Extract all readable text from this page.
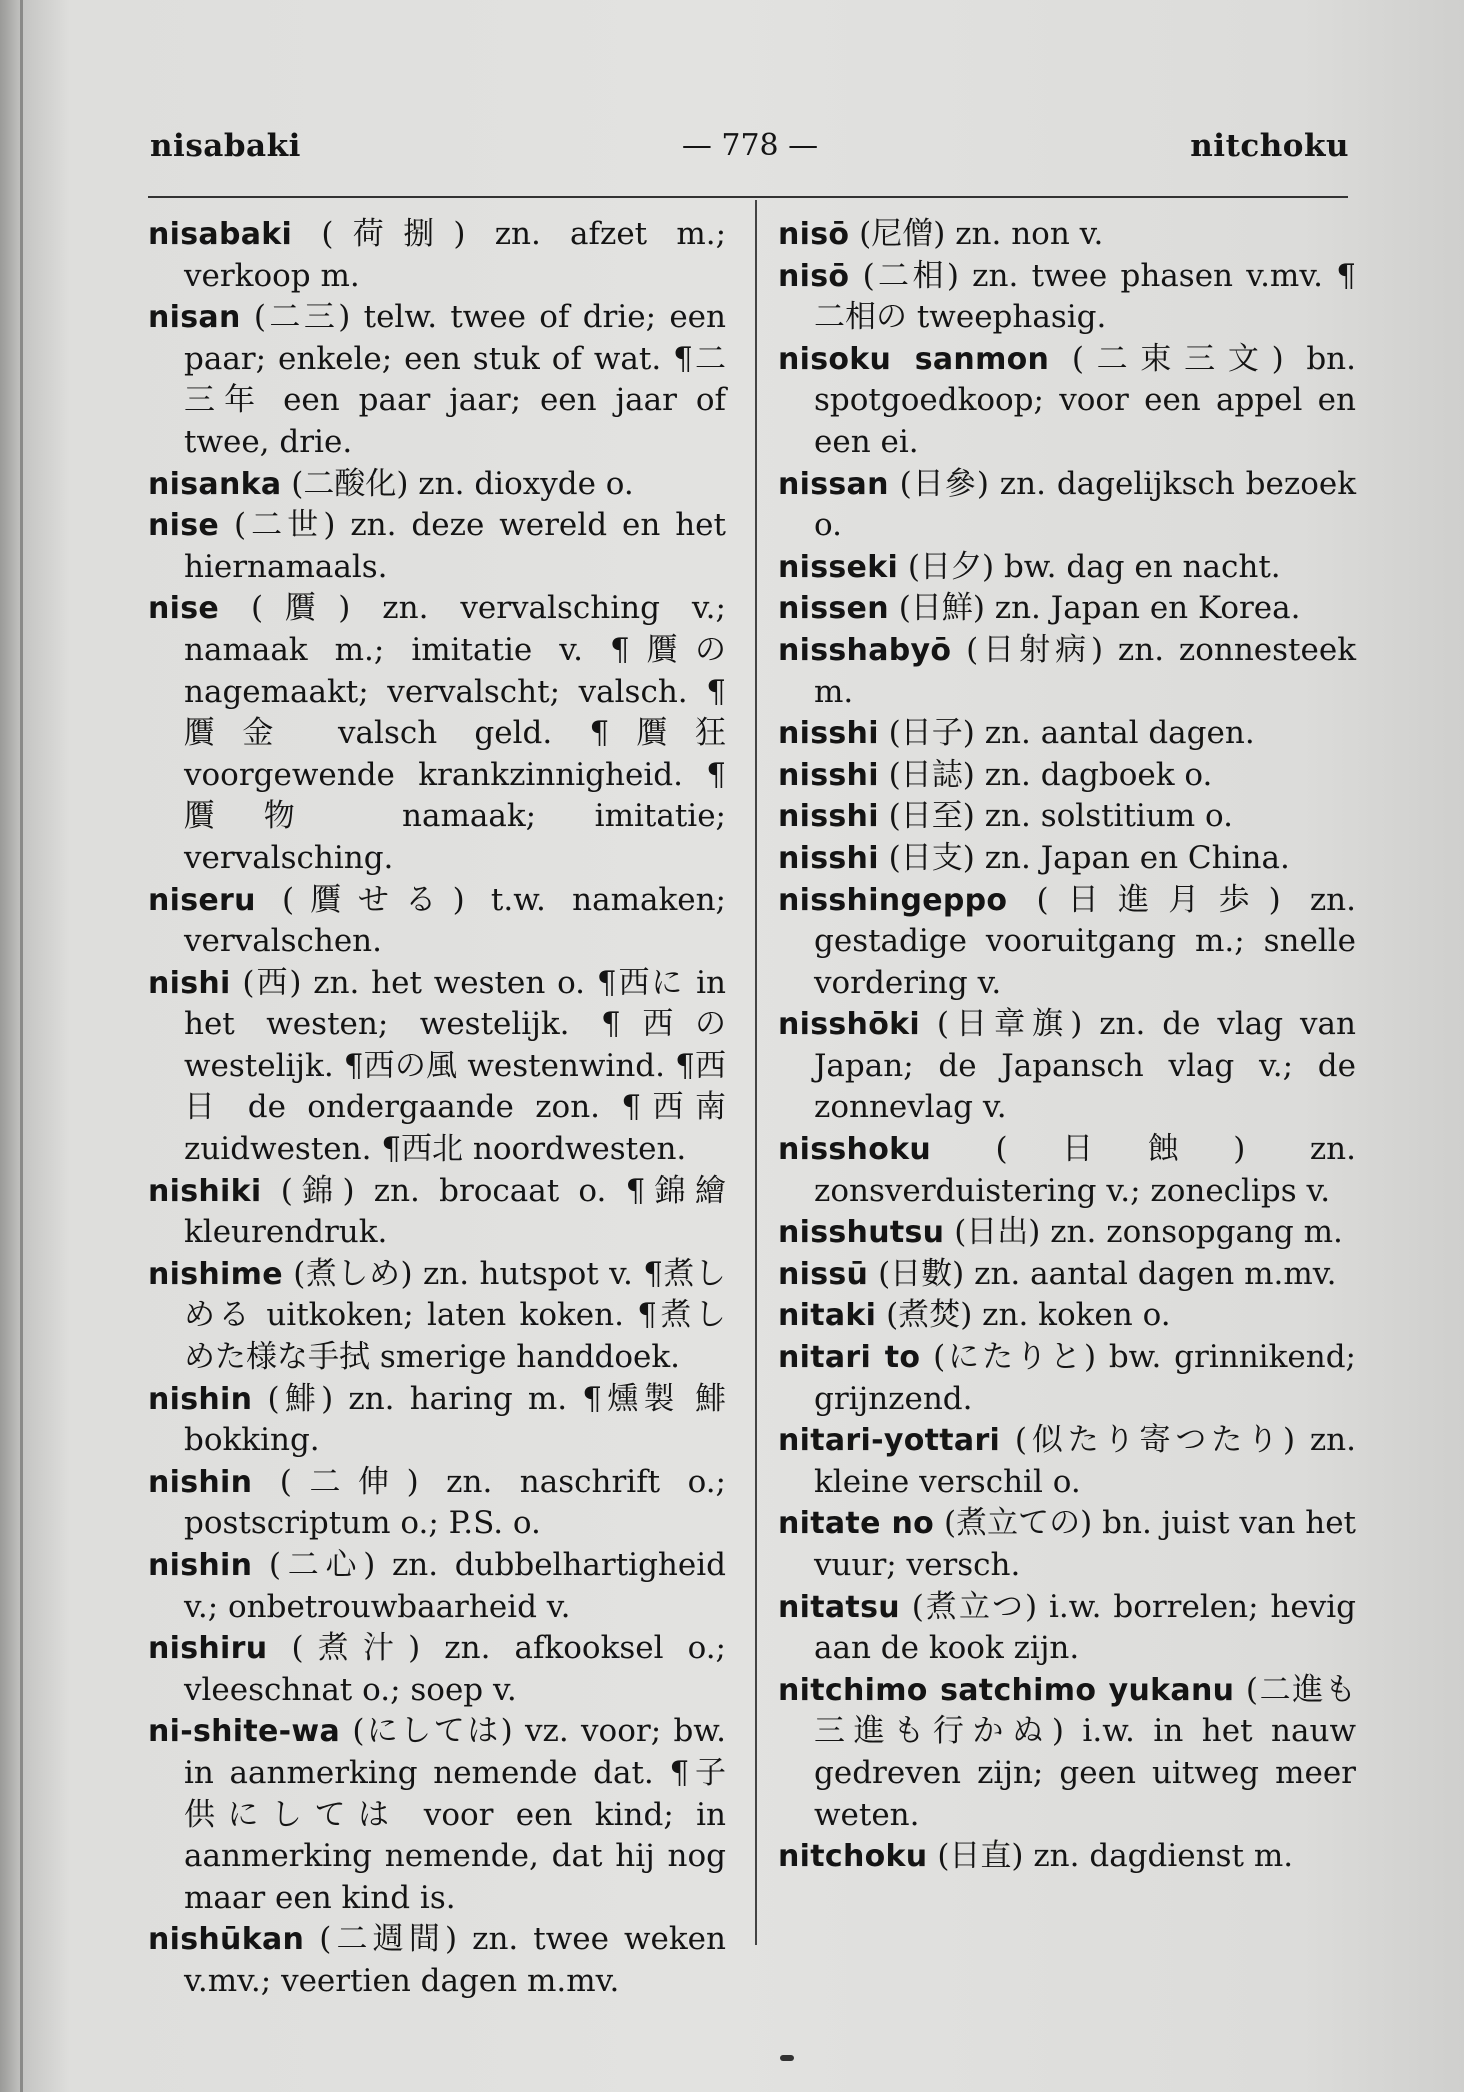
nisabaki	— 778 —	nitchoku

nisabaki (荷捌) zn. afzet m.; verkoop m.

nisan (二三) telw. twee of drie; een paar; enkele; een stuk of wat. ¶二三年 een paar jaar; een jaar of twee, drie.

nisanka (二酸化) zn. dioxyde o.

nise (二世) zn. deze wereld en het hiernamaals.

nise (贋) zn. vervalsching v.; namaak m.; imitatie v. ¶贋の nagemaakt; vervalscht; valsch. ¶贋金 valsch geld. ¶贋狂 voorgewende krankzinnigheid. ¶贋物 namaak; imitatie; vervalsching.

niseru (贋せる) t.w. namaken; vervalschen.

nishi (西) zn. het westen o. ¶西に in het westen; westelijk. ¶西の westelijk. ¶西の風 westenwind. ¶西日 de ondergaande zon. ¶西南 zuidwesten. ¶西北 noordwesten.

nishiki (錦) zn. brocaat o. ¶錦繪 kleurendruk.

nishime (煮しめ) zn. hutspot v. ¶煮しめる uitkoken; laten koken. ¶煮しめた様な手拭 smerige handdoek.

nishin (鯡) zn. haring m. ¶燻製 鯡 bokking.

nishin (二伸) zn. naschrift o.; postscriptum o.; P.S. o.

nishin (二心) zn. dubbelhartigheid v.; onbetrouwbaarheid v.

nishiru (煮汁) zn. afkooksel o.; vleeschnat o.; soep v.

ni-shite-wa (にしては) vz. voor; bw. in aanmerking nemende dat. ¶子供にしては voor een kind; in aanmerking nemende, dat hij nog maar een kind is.

nishūkan (二週間) zn. twee weken v.mv.; veertien dagen m.mv.

nisō (尼僧) zn. non v.

nisō (二相) zn. twee phasen v.mv. ¶二相の tweephasig.

nisoku sanmon (二束三文) bn. spotgoedkoop; voor een appel en een ei.

nissan (日參) zn. dagelijksch bezoek o.

nisseki (日夕) bw. dag en nacht.

nissen (日鮮) zn. Japan en Korea.

nisshabyō (日射病) zn. zonnesteek m.

nisshi (日子) zn. aantal dagen.

nisshi (日誌) zn. dagboek o.

nisshi (日至) zn. solstitium o.

nisshi (日支) zn. Japan en China.

nisshingeppo (日進月歩) zn. gestadige vooruitgang m.; snelle vordering v.

nisshōki (日章旗) zn. de vlag van Japan; de Japansch vlag v.; de zonnevlag v.

nisshoku (日蝕) zn. zonsverduistering v.; zoneclips v.

nisshutsu (日出) zn. zonsopgang m.

nissū (日數) zn. aantal dagen m.mv.

nitaki (煮焚) zn. koken o.

nitari to (にたりと) bw. grinnikend; grijnzend.

nitari-yottari (似たり寄つたり) zn. kleine verschil o.

nitate no (煮立ての) bn. juist van het vuur; versch.

nitatsu (煮立つ) i.w. borrelen; hevig aan de kook zijn.

nitchimo satchimo yukanu (二進も三進も行かぬ) i.w. in het nauw gedreven zijn; geen uitweg meer weten.

nitchoku (日直) zn. dagdienst m.
